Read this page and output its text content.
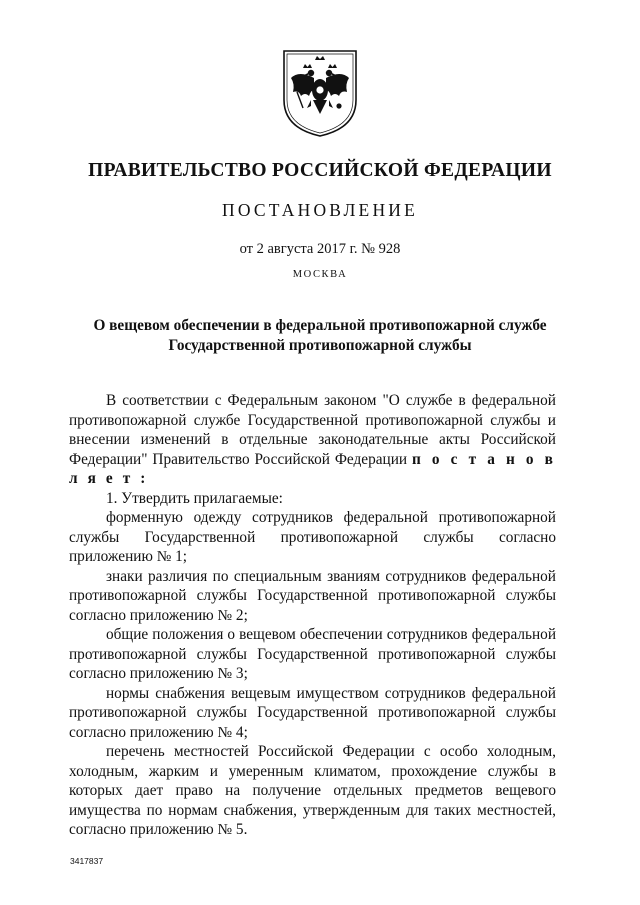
ПРАВИТЕЛЬСТВО РОССИЙСКОЙ ФЕДЕРАЦИИ
ПОСТАНОВЛЕНИЕ
от 2 августа 2017 г. № 928
МОСКВА
О вещевом обеспечении в федеральной противопожарной службе
Государственной противопожарной службы

В соответствии с Федеральным законом "О службе в федеральной противопожарной службе Государственной противопожарной службы и внесении изменений в отдельные законодательные акты Российской Федерации" Правительство Российской Федерации п о с т а н о в л я е т :

1. Утвердить прилагаемые:

форменную одежду сотрудников федеральной противопожарной службы Государственной противопожарной службы согласно приложению № 1;

знаки различия по специальным званиям сотрудников федеральной противопожарной службы Государственной противопожарной службы согласно приложению № 2;

общие положения о вещевом обеспечении сотрудников федеральной противопожарной службы Государственной противопожарной службы согласно приложению № 3;

нормы снабжения вещевым имуществом сотрудников федеральной противопожарной службы Государственной противопожарной службы согласно приложению № 4;

перечень местностей Российской Федерации с особо холодным, холодным, жарким и умеренным климатом, прохождение службы в которых дает право на получение отдельных предметов вещевого имущества по нормам снабжения, утвержденным для таких местностей, согласно приложению № 5.

3417837
